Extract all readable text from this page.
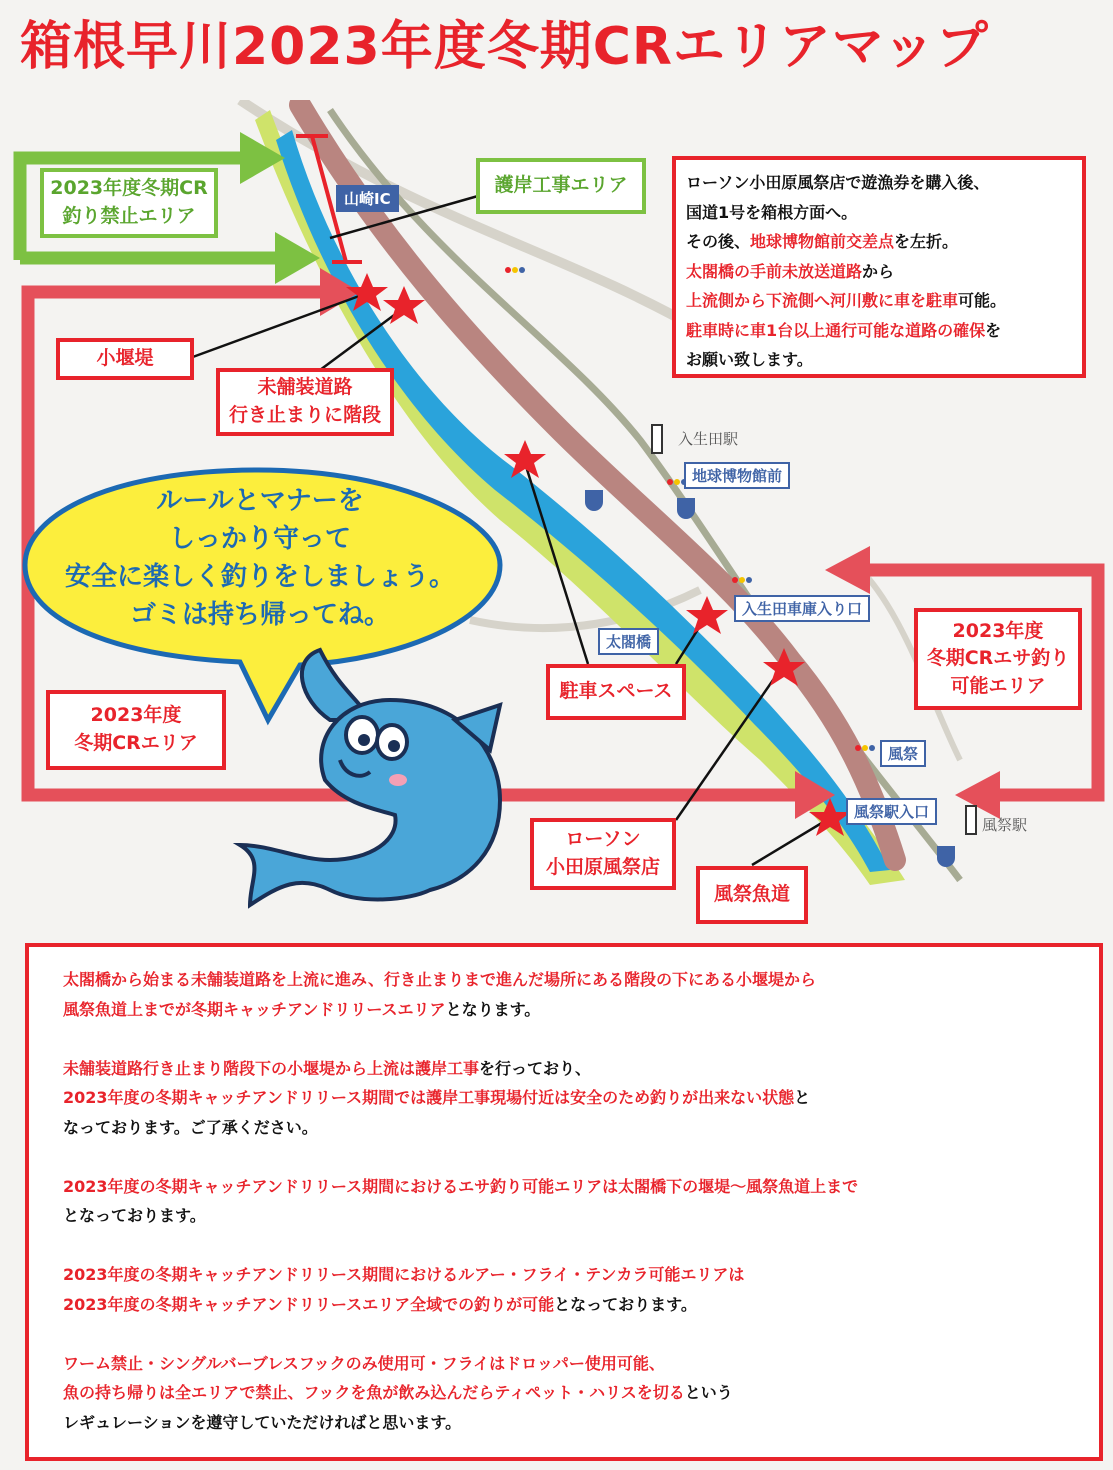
箱根早川2023年度冬期CRエリアマップ
2023年度冬期CR
釣り禁止エリア
護岸工事エリア
小堰堤
未舗装道路
行き止まりに階段
駐車スペース
ローソン
小田原風祭店
風祭魚道
2023年度
冬期CRエリア
2023年度
冬期CRエサ釣り
可能エリア
山崎IC
地球博物館前
入生田車庫入り口
太閤橋
風祭
風祭駅入口
入生田駅
風祭駅
ローソン小田原風祭店で遊漁券を購入後、
国道1号を箱根方面へ。
その後、地球博物館前交差点を左折。
太閤橋の手前未放送道路から
上流側から下流側へ河川敷に車を駐車可能。
駐車時に車1台以上通行可能な道路の確保を
お願い致します。
ルールとマナーを
しっかり守って
安全に楽しく釣りをしましょう。
ゴミは持ち帰ってね。

太閤橋から始まる未舗装道路を上流に進み、行き止まりまで進んだ場所にある階段の下にある小堰堤から
風祭魚道上までが冬期キャッチアンドリリースエリアとなります。

未舗装道路行き止まり階段下の小堰堤から上流は護岸工事を行っており、
2023年度の冬期キャッチアンドリリース期間では護岸工事現場付近は安全のため釣りが出来ない状態と
なっております。ご了承ください。

2023年度の冬期キャッチアンドリリース期間におけるエサ釣り可能エリアは太閤橋下の堰堤～風祭魚道上まで
となっております。

2023年度の冬期キャッチアンドリリース期間におけるルアー・フライ・テンカラ可能エリアは
2023年度の冬期キャッチアンドリリースエリア全域での釣りが可能となっております。

ワーム禁止・シングルバーブレスフックのみ使用可・フライはドロッパー使用可能、
魚の持ち帰りは全エリアで禁止、フックを魚が飲み込んだらティペット・ハリスを切るという
レギュレーションを遵守していただければと思います。
